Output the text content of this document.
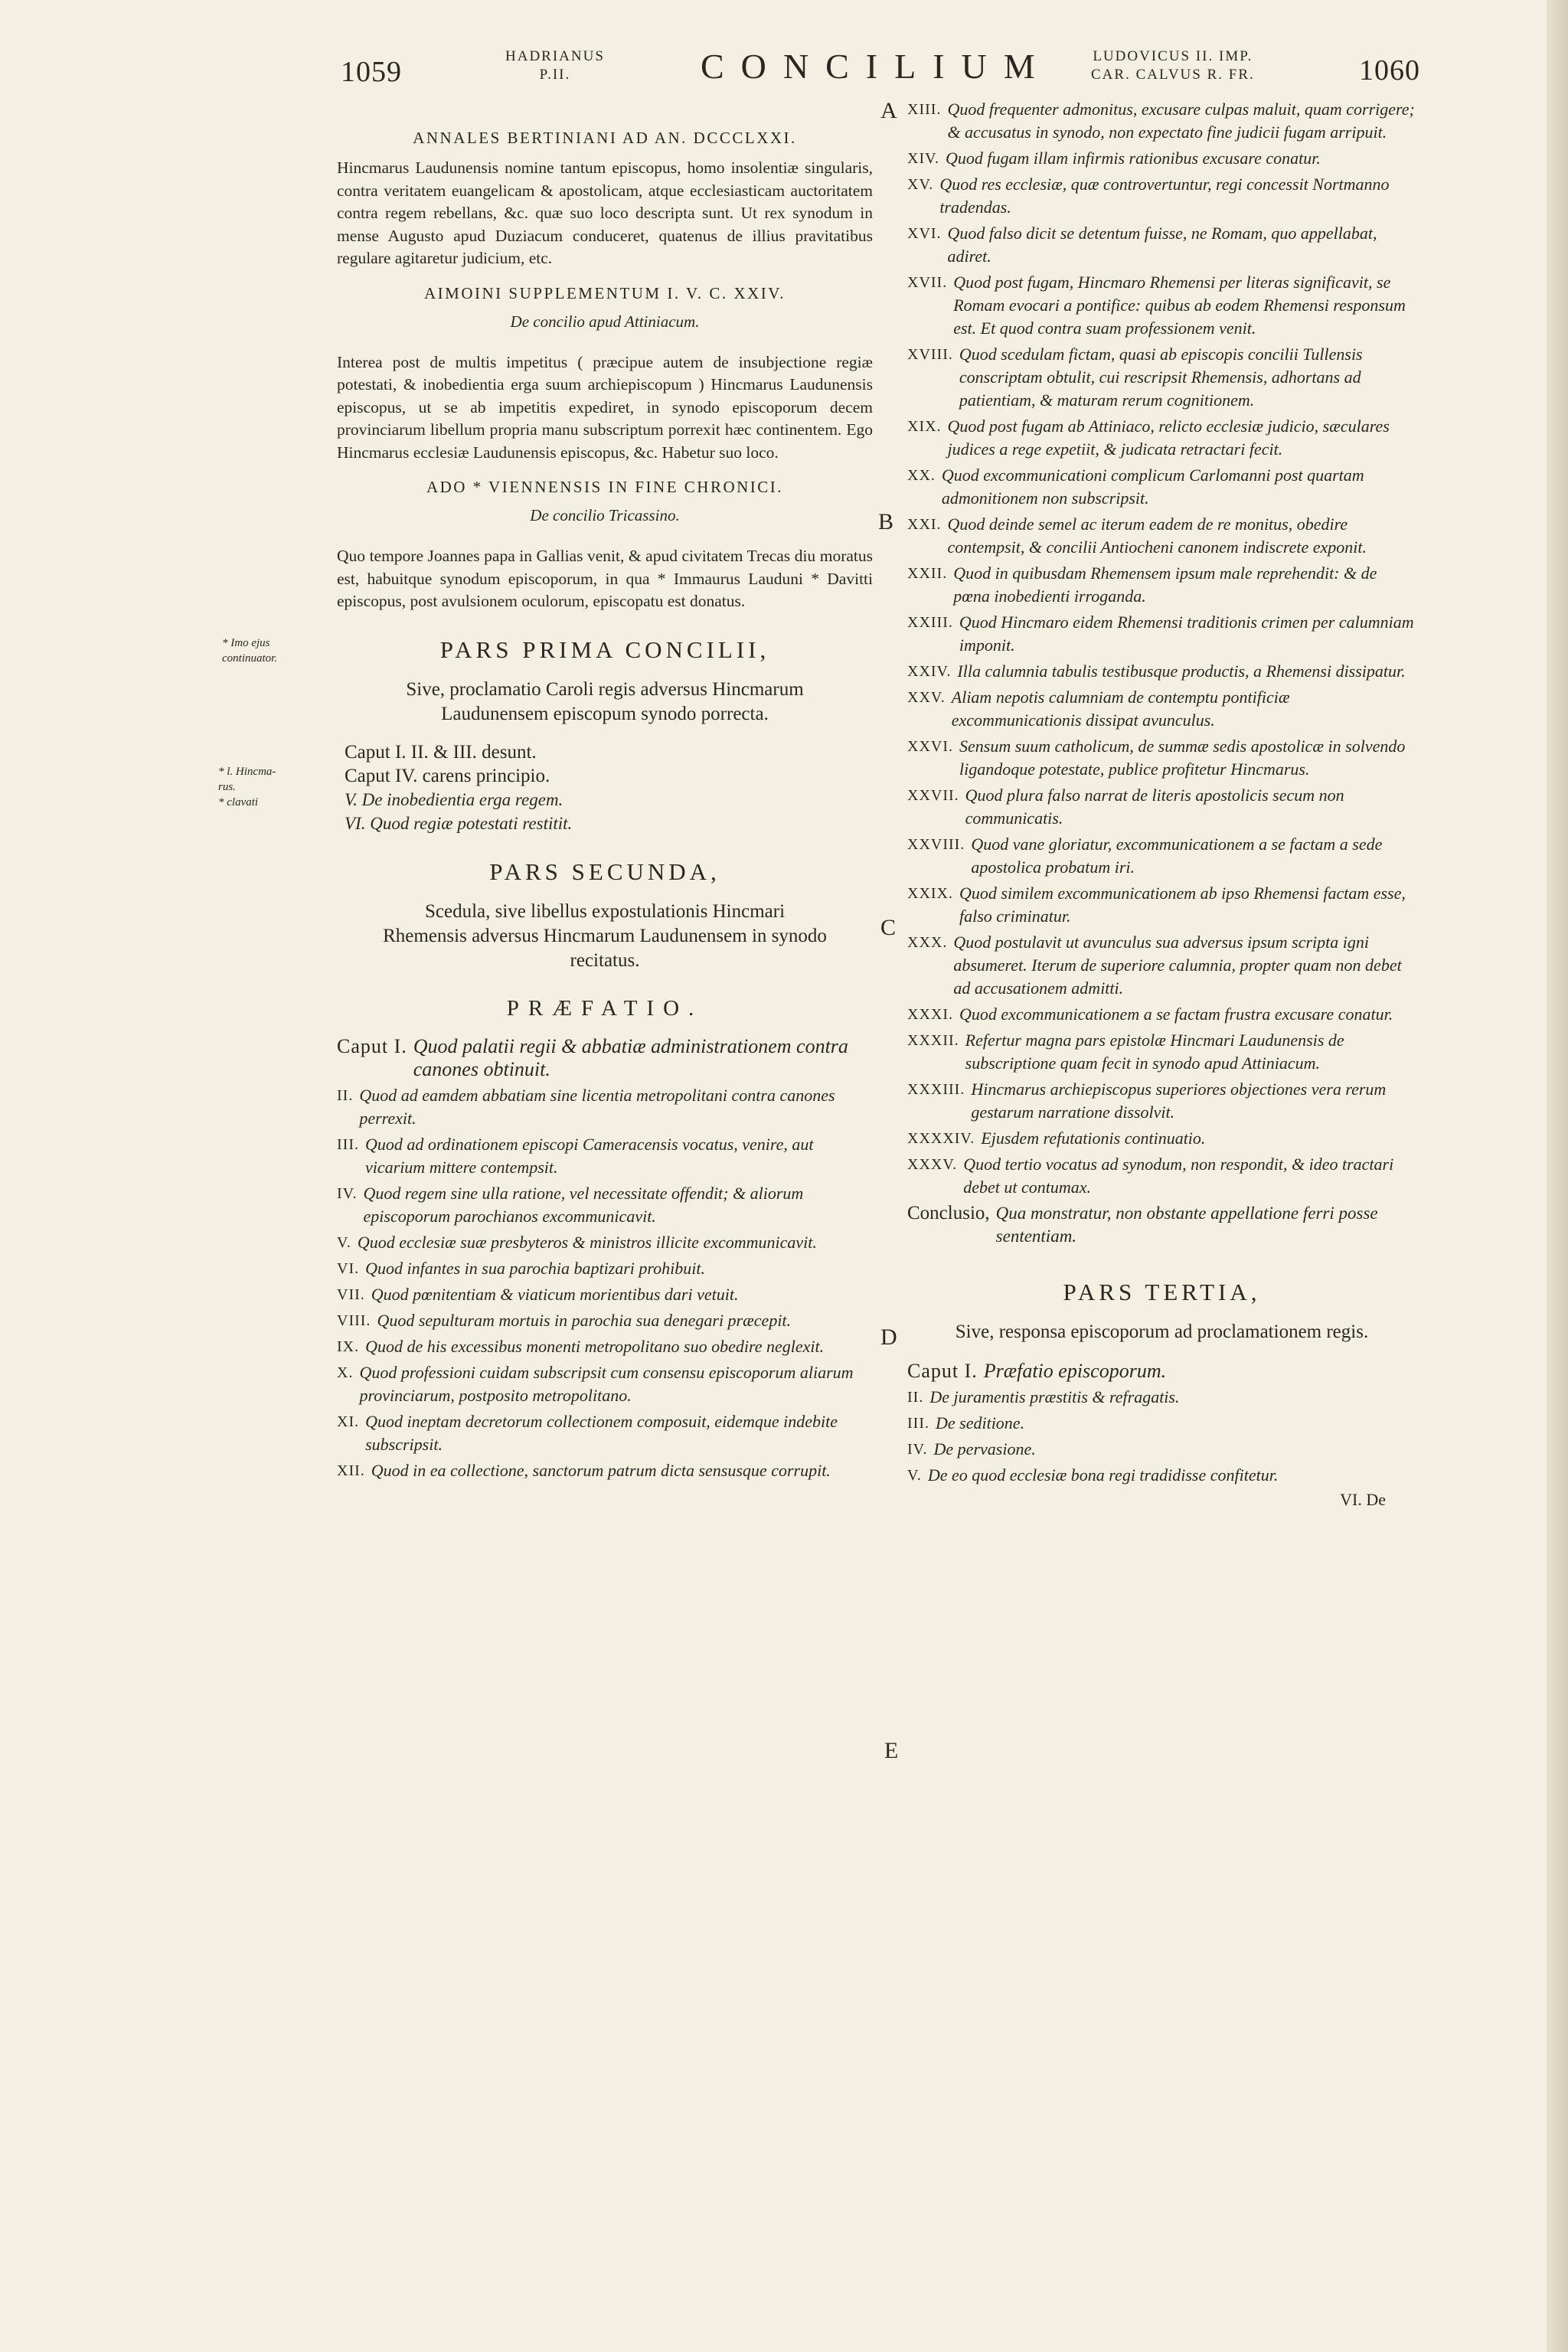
1059	HADRIANUS
P.II.	CONCILIUM	LUDOVICUS II. IMP.
CAR. CALVUS R. FR.	1060
A
B
C
D
E
* Imo ejus
continuator.
* l. Hincma-
rus.
* clavati
ANNALES BERTINIANI AD AN. DCCCLXXI.

Hincmarus Laudunensis nomine tantum episcopus, homo insolentiæ singularis, contra veritatem euangelicam & apostolicam, atque ecclesiasticam auctoritatem contra regem rebellans, &c. quæ suo loco descripta sunt. Ut rex synodum in mense Augusto apud Duziacum conduceret, quatenus de illius pravitatibus regulare agitaretur judicium, etc.

AIMOINI SUPPLEMENTUM I. V. C. XXIV.
De concilio apud Attiniacum.

Interea post de multis impetitus ( præcipue autem de insubjectione regiæ potestati, & inobedientia erga suum archiepiscopum ) Hincmarus Laudunensis episcopus, ut se ab impetitis expediret, in synodo episcoporum decem provinciarum libellum propria manu subscriptum porrexit hæc continentem. Ego Hincmarus ecclesiæ Laudunensis episcopus, &c. Habetur suo loco.

ADO * VIENNENSIS IN FINE CHRONICI.
De concilio Tricassino.

Quo tempore Joannes papa in Gallias venit, & apud civitatem Trecas diu moratus est, habuitque synodum episcoporum, in qua * Immaurus Lauduni * Davitti episcopus, post avulsionem oculorum, episcopatu est donatus.

PARS PRIMA CONCILII,
Sive, proclamatio Caroli regis adversus Hincmarum Laudunensem episcopum synodo porrecta.
Caput I. II. & III. desunt.
Caput IV. carens principio.
V. De inobedientia erga regem.
VI. Quod regiæ potestati restitit.
PARS SECUNDA,
Scedula, sive libellus expostulationis Hincmari Rhemensis adversus Hincmarum Laudunensem in synodo recitatus.
PRÆFATIO.
Caput I. Quod palatii regii & abbatiæ administrationem contra canones obtinuit.
II. Quod ad eamdem abbatiam sine licentia metropolitani contra canones perrexit.
III. Quod ad ordinationem episcopi Cameracensis vocatus, venire, aut vicarium mittere contempsit.
IV. Quod regem sine ulla ratione, vel necessitate offendit; & aliorum episcoporum parochianos excommunicavit.
V. Quod ecclesiæ suæ presbyteros & ministros illicite excommunicavit.
VI. Quod infantes in sua parochia baptizari prohibuit.
VII. Quod pœnitentiam & viaticum morientibus dari vetuit.
VIII. Quod sepulturam mortuis in parochia sua denegari præcepit.
IX. Quod de his excessibus monenti metropolitano suo obedire neglexit.
X. Quod professioni cuidam subscripsit cum consensu episcoporum aliarum provinciarum, postposito metropolitano.
XI. Quod ineptam decretorum collectionem composuit, eidemque indebite subscripsit.
XII. Quod in ea collectione, sanctorum patrum dicta sensusque corrupit.
XIII. Quod frequenter admonitus, excusare culpas maluit, quam corrigere; & accusatus in synodo, non expectato fine judicii fugam arripuit.
XIV. Quod fugam illam infirmis rationibus excusare conatur.
XV. Quod res ecclesiæ, quæ controvertuntur, regi concessit Nortmanno tradendas.
XVI. Quod falso dicit se detentum fuisse, ne Romam, quo appellabat, adiret.
XVII. Quod post fugam, Hincmaro Rhemensi per literas significavit, se Romam evocari a pontifice: quibus ab eodem Rhemensi responsum est. Et quod contra suam professionem venit.
XVIII. Quod scedulam fictam, quasi ab episcopis concilii Tullensis conscriptam obtulit, cui rescripsit Rhemensis, adhortans ad patientiam, & maturam rerum cognitionem.
XIX. Quod post fugam ab Attiniaco, relicto ecclesiæ judicio, sæculares judices a rege expetiit, & judicata retractari fecit.
XX. Quod excommunicationi complicum Carlomanni post quartam admonitionem non subscripsit.
XXI. Quod deinde semel ac iterum eadem de re monitus, obedire contempsit, & concilii Antiocheni canonem indiscrete exponit.
XXII. Quod in quibusdam Rhemensem ipsum male reprehendit: & de pœna inobedienti irroganda.
XXIII. Quod Hincmaro eidem Rhemensi traditionis crimen per calumniam imponit.
XXIV. Illa calumnia tabulis testibusque productis, a Rhemensi dissipatur.
XXV. Aliam nepotis calumniam de contemptu pontificiæ excommunicationis dissipat avunculus.
XXVI. Sensum suum catholicum, de summæ sedis apostolicæ in solvendo ligandoque potestate, publice profitetur Hincmarus.
XXVII. Quod plura falso narrat de literis apostolicis secum non communicatis.
XXVIII. Quod vane gloriatur, excommunicationem a se factam a sede apostolica probatum iri.
XXIX. Quod similem excommunicationem ab ipso Rhemensi factam esse, falso criminatur.
XXX. Quod postulavit ut avunculus sua adversus ipsum scripta igni absumeret. Iterum de superiore calumnia, propter quam non debet ad accusationem admitti.
XXXI. Quod excommunicationem a se factam frustra excusare conatur.
XXXII. Refertur magna pars epistolæ Hincmari Laudunensis de subscriptione quam fecit in synodo apud Attiniacum.
XXXIII. Hincmarus archiepiscopus superiores objectiones vera rerum gestarum narratione dissolvit.
XXXXIV. Ejusdem refutationis continuatio.
XXXV. Quod tertio vocatus ad synodum, non respondit, & ideo tractari debet ut contumax.
Conclusio, Qua monstratur, non obstante appellatione ferri posse sententiam.
PARS TERTIA,
Sive, responsa episcoporum ad proclamationem regis.
Caput I. Præfatio episcoporum.
II. De juramentis præstitis & refragatis.
III. De seditione.
IV. De pervasione.
V. De eo quod ecclesiæ bona regi tradidisse confitetur.
VI. De
